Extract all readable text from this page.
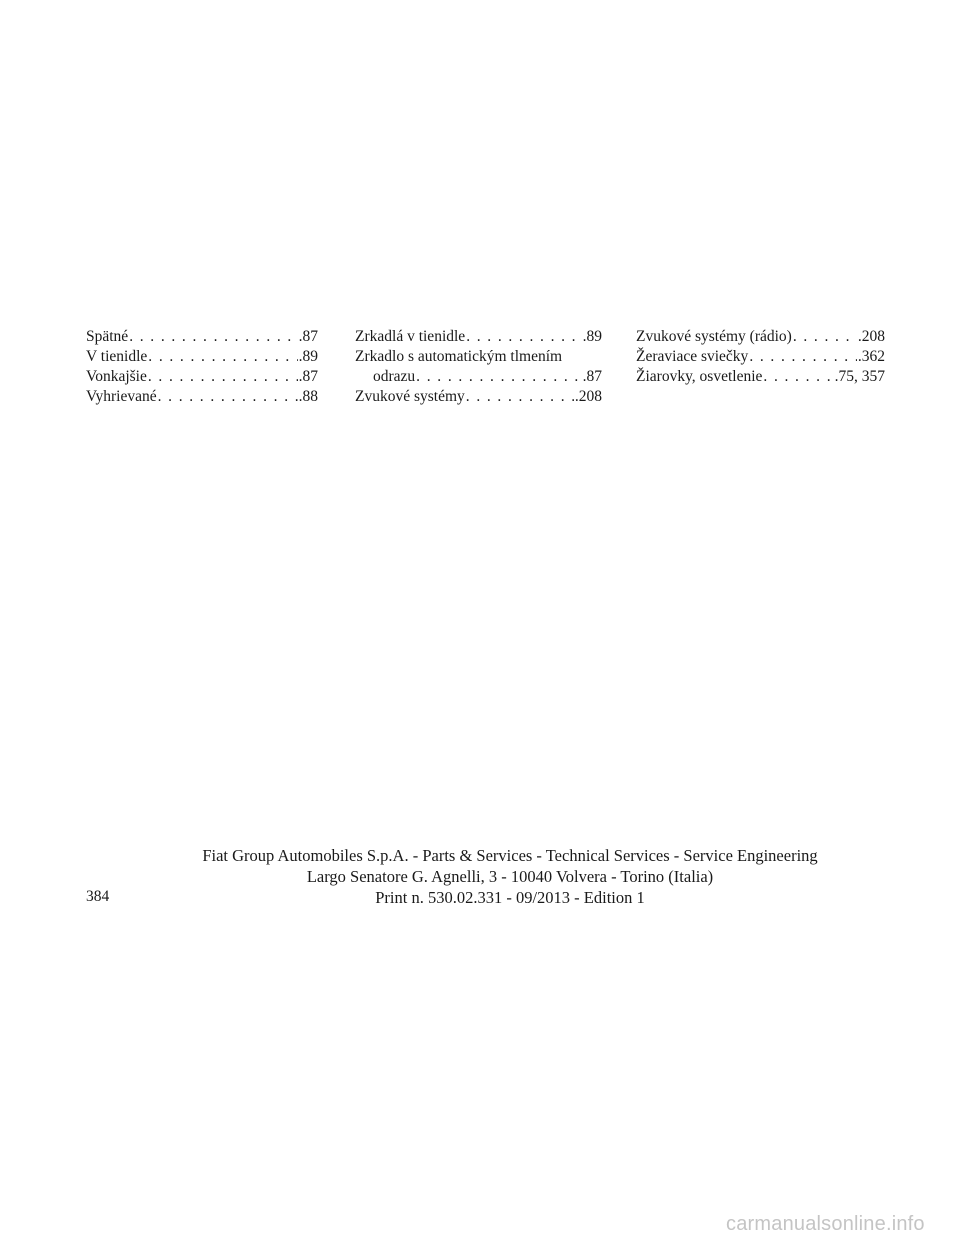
Spätné . . .	.87
V tienidle . . .	.89
Vonkajšie . . .	.87
Vyhrievané . . .	.88
Zrkadlá v tienidle . . .	.89
Zrkadlo s automatickým tlmením
odrazu . . .	.87
Zvukové systémy . . .	.208
Zvukové systémy (rádio) . . .	.208
Žeraviace sviečky . . .	.362
Žiarovky, osvetlenie . . .	.75, 357
Fiat Group Automobiles S.p.A. - Parts & Services - Technical Services - Service Engineering
Largo Senatore G. Agnelli, 3 - 10040 Volvera - Torino (Italia)
Print n. 530.02.331 - 09/2013 - Edition 1
384
carmanualsonline.info
